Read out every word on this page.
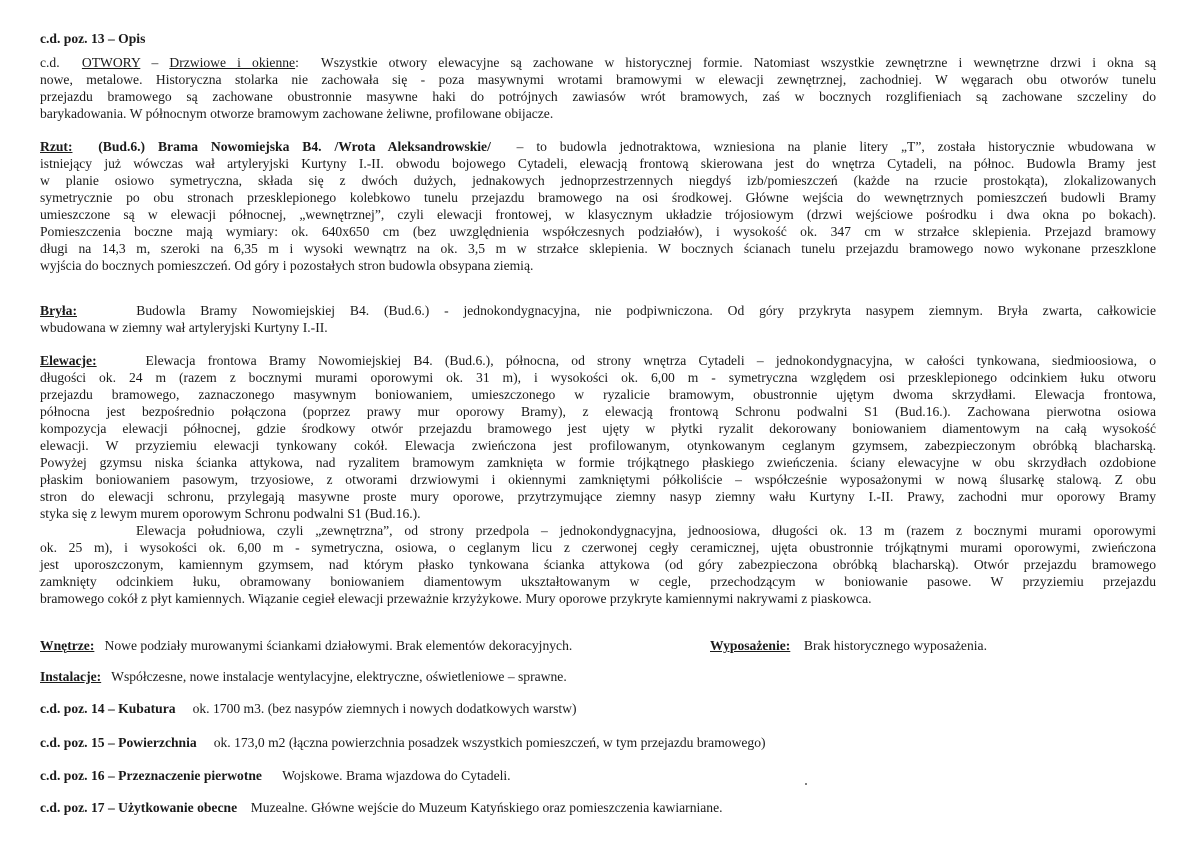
c.d. poz. 13 – Opis
c.d. OTWORY – Drzwiowe i okienne: Wszystkie otwory elewacyjne są zachowane w historycznej formie. Natomiast wszystkie zewnętrzne i wewnętrzne drzwi i okna są
nowe, metalowe. Historyczna stolarka nie zachowała się - poza masywnymi wrotami bramowymi w elewacji zewnętrznej, zachodniej. W węgarach obu otworów tunelu
przejazdu bramowego są zachowane obustronnie masywne haki do potrójnych zawiasów wrót bramowych, zaś w bocznych rozglifieniach są zachowane szczeliny do
barykadowania. W północnym otworze bramowym zachowane żeliwne, profilowane obijacze.
Rzut: (Bud.6.) Brama Nowomiejska B4. /Wrota Aleksandrowskie/ – to budowla jednotraktowa, wzniesiona na planie litery „T”, została historycznie wbudowana w
istniejący już wówczas wał artyleryjski Kurtyny I.-II. obwodu bojowego Cytadeli, elewacją frontową skierowana jest do wnętrza Cytadeli, na północ. Budowla Bramy jest
w planie osiowo symetryczna, składa się z dwóch dużych, jednakowych jednoprzestrzennych niegdyś izb/pomieszczeń (każde na rzucie prostokąta), zlokalizowanych
symetrycznie po obu stronach przesklepionego kolebkowo tunelu przejazdu bramowego na osi środkowej. Główne wejścia do wewnętrznych pomieszczeń budowli Bramy
umieszczone są w elewacji północnej, „wewnętrznej”, czyli elewacji frontowej, w klasycznym układzie trójosiowym (drzwi wejściowe pośrodku i dwa okna po bokach).
Pomieszczenia boczne mają wymiary: ok. 640x650 cm (bez uwzględnienia współczesnych podziałów), i wysokość ok. 347 cm w strzałce sklepienia. Przejazd bramowy
długi na 14,3 m, szeroki na 6,35 m i wysoki wewnątrz na ok. 3,5 m w strzałce sklepienia. W bocznych ścianach tunelu przejazdu bramowego nowo wykonane przeszklone
wyjścia do bocznych pomieszczeń. Od góry i pozostałych stron budowla obsypana ziemią.
Bryła:	Budowla Bramy Nowomiejskiej B4. (Bud.6.) - jednokondygnacyjna, nie podpiwniczona. Od góry przykryta nasypem ziemnym. Bryła zwarta, całkowicie
wbudowana w ziemny wał artyleryjski Kurtyny I.-II.
Elewacje:	Elewacja frontowa Bramy Nowomiejskiej B4. (Bud.6.), północna, od strony wnętrza Cytadeli – jednokondygnacyjna, w całości tynkowana, siedmioosiowa, o
długości ok. 24 m (razem z bocznymi murami oporowymi ok. 31 m), i wysokości ok. 6,00 m - symetryczna względem osi przesklepionego odcinkiem łuku otworu
przejazdu bramowego, zaznaczonego masywnym boniowaniem, umieszczonego w ryzalicie bramowym, obustronnie ujętym dwoma skrzydłami. Elewacja frontowa,
północna jest bezpośrednio połączona (poprzez prawy mur oporowy Bramy), z elewacją frontową Schronu podwalni S1 (Bud.16.). Zachowana pierwotna osiowa
kompozycja elewacji północnej, gdzie środkowy otwór przejazdu bramowego jest ujęty w płytki ryzalit dekorowany boniowaniem diamentowym na całą wysokość
elewacji. W przyziemiu elewacji tynkowany cokół. Elewacja zwieńczona jest profilowanym, otynkowanym ceglanym gzymsem, zabezpieczonym obróbką blacharską.
Powyżej gzymsu niska ścianka attykowa, nad ryzalitem bramowym zamknięta w formie trójkątnego płaskiego zwieńczenia. ściany elewacyjne w obu skrzydłach ozdobione
płaskim boniowaniem pasowym, trzyosiowe, z otworami drzwiowymi i okiennymi zamkniętymi półkoliście – współcześnie wyposażonymi w nową ślusarkę stalową. Z obu
stron do elewacji schronu, przylegają masywne proste mury oporowe, przytrzymujące ziemny nasyp ziemny wału Kurtyny I.-II. Prawy, zachodni mur oporowy Bramy
styka się z lewym murem oporowym Schronu podwalni S1 (Bud.16.).
Elewacja południowa, czyli „zewnętrzna”, od strony przedpola – jednokondygnacyjna, jednoosiowa, długości ok. 13 m (razem z bocznymi murami oporowymi
ok. 25 m), i wysokości ok. 6,00 m - symetryczna, osiowa, o ceglanym licu z czerwonej cegły ceramicznej, ujęta obustronnie trójkątnymi murami oporowymi, zwieńczona
jest uporoszczonym, kamiennym gzymsem, nad którym płasko tynkowana ścianka attykowa (od góry zabezpieczona obróbką blacharską). Otwór przejazdu bramowego
zamknięty odcinkiem łuku, obramowany boniowaniem diamentowym ukształtowanym w cegle, przechodzącym w boniowanie pasowe. W przyziemiu przejazdu
bramowego cokół z płyt kamiennych. Wiązanie cegieł elewacji przeważnie krzyżykowe. Mury oporowe przykryte kamiennymi nakrywami z piaskowca.
Wnętrze: Nowe podziały murowanymi ściankami działowymi. Brak elementów dekoracyjnych.	Wyposażenie: Brak historycznego wyposażenia.
Instalacje: Współczesne, nowe instalacje wentylacyjne, elektryczne, oświetleniowe – sprawne.
c.d. poz. 14 – Kubatura ok. 1700 m3. (bez nasypów ziemnych i nowych dodatkowych warstw)
c.d. poz. 15 – Powierzchnia ok. 173,0 m2 (łączna powierzchnia posadzek wszystkich pomieszczeń, w tym przejazdu bramowego)
c.d. poz. 16 – Przeznaczenie pierwotne Wojskowe. Brama wjazdowa do Cytadeli.
c.d. poz. 17 – Użytkowanie obecne Muzealne. Główne wejście do Muzeum Katyńskiego oraz pomieszczenia kawiarniane.
